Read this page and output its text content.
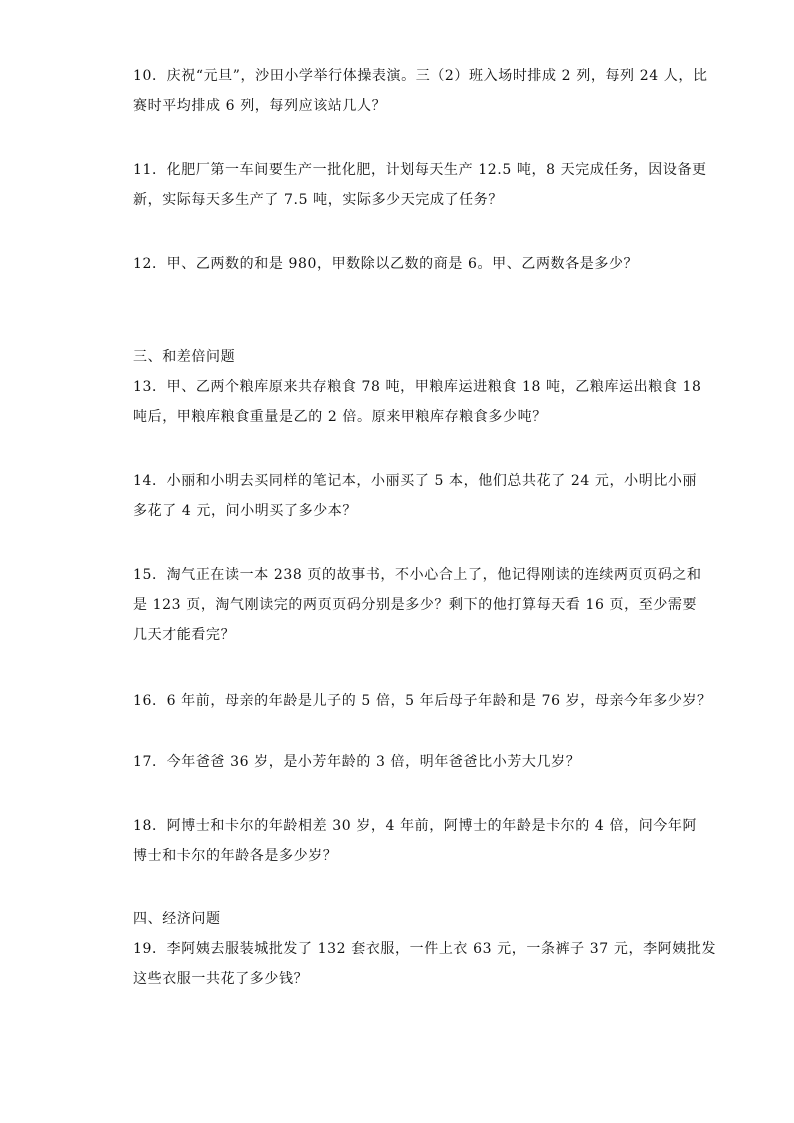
10．庆祝“元旦”，沙田小学举行体操表演。三（2）班入场时排成 2 列，每列 24 人，比
赛时平均排成 6 列，每列应该站几人？
11．化肥厂第一车间要生产一批化肥，计划每天生产 12.5 吨，8 天完成任务，因设备更
新，实际每天多生产了 7.5 吨，实际多少天完成了任务？
12．甲、乙两数的和是 980，甲数除以乙数的商是 6。甲、乙两数各是多少？
三、和差倍问题
13．甲、乙两个粮库原来共存粮食 78 吨，甲粮库运进粮食 18 吨，乙粮库运出粮食 18
吨后，甲粮库粮食重量是乙的 2 倍。原来甲粮库存粮食多少吨？
14．小丽和小明去买同样的笔记本，小丽买了 5 本，他们总共花了 24 元，小明比小丽
多花了 4 元，问小明买了多少本？
15．淘气正在读一本 238 页的故事书，不小心合上了，他记得刚读的连续两页页码之和
是 123 页，淘气刚读完的两页页码分别是多少？剩下的他打算每天看 16 页，至少需要
几天才能看完？
16．6 年前，母亲的年龄是儿子的 5 倍，5 年后母子年龄和是 76 岁，母亲今年多少岁？
17．今年爸爸 36 岁，是小芳年龄的 3 倍，明年爸爸比小芳大几岁？
18．阿博士和卡尔的年龄相差 30 岁，4 年前，阿博士的年龄是卡尔的 4 倍，问今年阿
博士和卡尔的年龄各是多少岁？
四、经济问题
19．李阿姨去服装城批发了 132 套衣服，一件上衣 63 元，一条裤子 37 元，李阿姨批发
这些衣服一共花了多少钱？
